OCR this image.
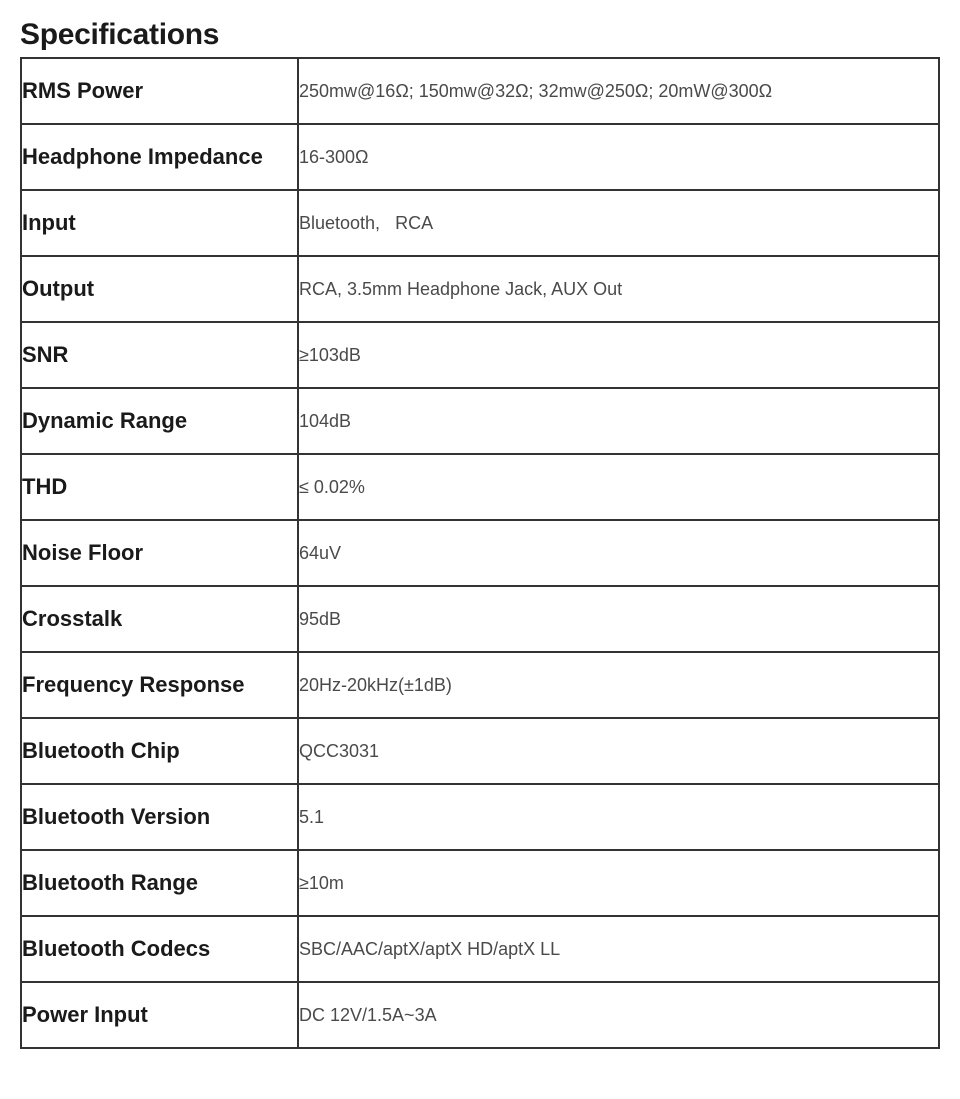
Specifications
RMS Power	250mw@16Ω; 150mw@32Ω; 32mw@250Ω; 20mW@300Ω
Headphone Impedance	16-300Ω
Input	Bluetooth,   RCA
Output	RCA, 3.5mm Headphone Jack, AUX Out
SNR	≥103dB
Dynamic Range	104dB
THD	≤ 0.02%
Noise Floor	64uV
Crosstalk	95dB
Frequency Response	20Hz-20kHz(±1dB)
Bluetooth Chip	QCC3031
Bluetooth Version	5.1
Bluetooth Range	≥10m
Bluetooth Codecs	SBC/AAC/aptX/aptX HD/aptX LL
Power Input	DC 12V/1.5A~3A
